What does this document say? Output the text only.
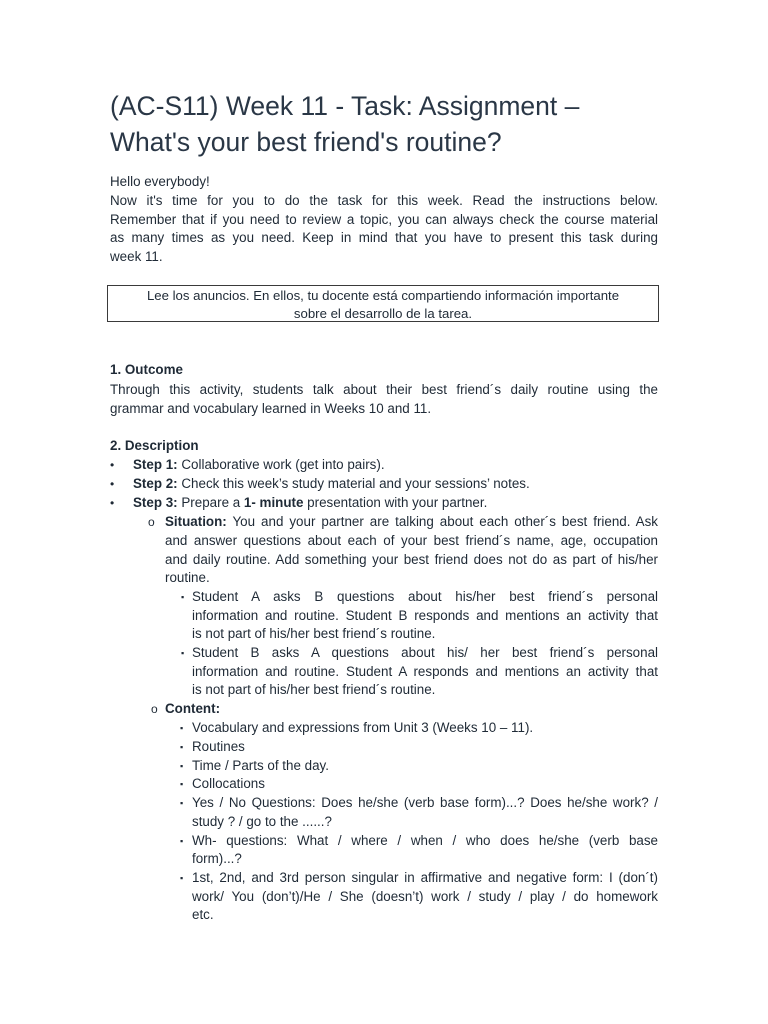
(AC-S11) Week 11 - Task: Assignment –
What's your best friend's routine?
Hello everybody!
Now it's time for you to do the task for this week. Read the instructions below.
Remember that if you need to review a topic, you can always check the course material
as many times as you need. Keep in mind that you have to present this task during
week 11.
Lee los anuncios. En ellos, tu docente está compartiendo información importante
sobre el desarrollo de la tarea.
1. Outcome
Through this activity, students talk about their best friend´s daily routine using the
grammar and vocabulary learned in Weeks 10 and 11.
2. Description
• Step 1: Collaborative work (get into pairs).
• Step 2: Check this week’s study material and your sessions’ notes.
• Step 3: Prepare a 1- minute presentation with your partner.
o Situation: You and your partner are talking about each other´s best friend. Ask
and answer questions about each of your best friend´s name, age, occupation
and daily routine. Add something your best friend does not do as part of his/her
routine.
▪ Student A asks B questions about his/her best friend´s personal
information and routine. Student B responds and mentions an activity that
is not part of his/her best friend´s routine.
▪ Student B asks A questions about his/ her best friend´s personal
information and routine. Student A responds and mentions an activity that
is not part of his/her best friend´s routine.
o Content:
▪ Vocabulary and expressions from Unit 3 (Weeks 10 – 11).
▪ Routines
▪ Time / Parts of the day.
▪ Collocations
▪ Yes / No Questions: Does he/she (verb base form)...? Does he/she work? /
study ? / go to the ......?
▪ Wh- questions: What / where / when / who does he/she (verb base
form)...?
▪ 1st, 2nd, and 3rd person singular in affirmative and negative form: I (don´t)
work/ You (don’t)/He / She (doesn’t) work / study / play / do homework
etc.
